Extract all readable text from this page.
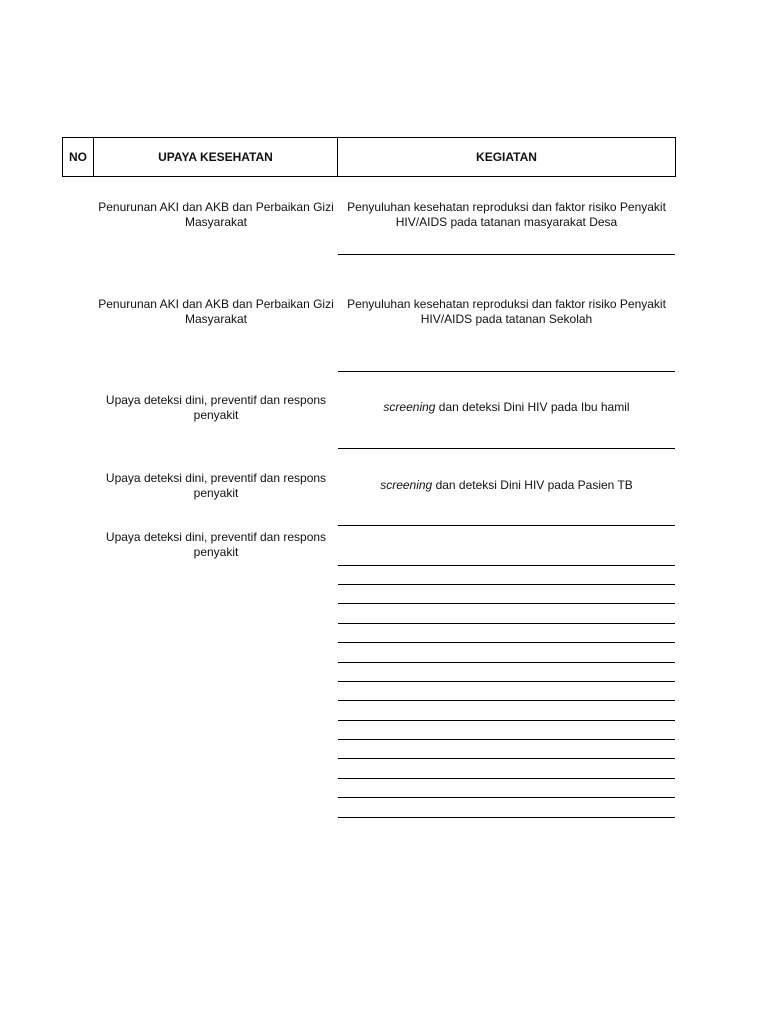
NO	UPAYA KESEHATAN	KEGIATAN
Penurunan AKI dan AKB dan Perbaikan Gizi Masyarakat
Penyuluhan kesehatan reproduksi dan faktor risiko Penyakit HIV/AIDS pada tatanan masyarakat Desa
Penurunan AKI dan AKB dan Perbaikan Gizi Masyarakat
Penyuluhan kesehatan reproduksi dan faktor risiko Penyakit HIV/AIDS pada tatanan Sekolah
Upaya deteksi dini, preventif dan respons penyakit
screening dan deteksi Dini HIV pada Ibu hamil
Upaya deteksi dini, preventif dan respons penyakit
screening dan deteksi Dini HIV pada Pasien TB
Upaya deteksi dini, preventif dan respons penyakit
